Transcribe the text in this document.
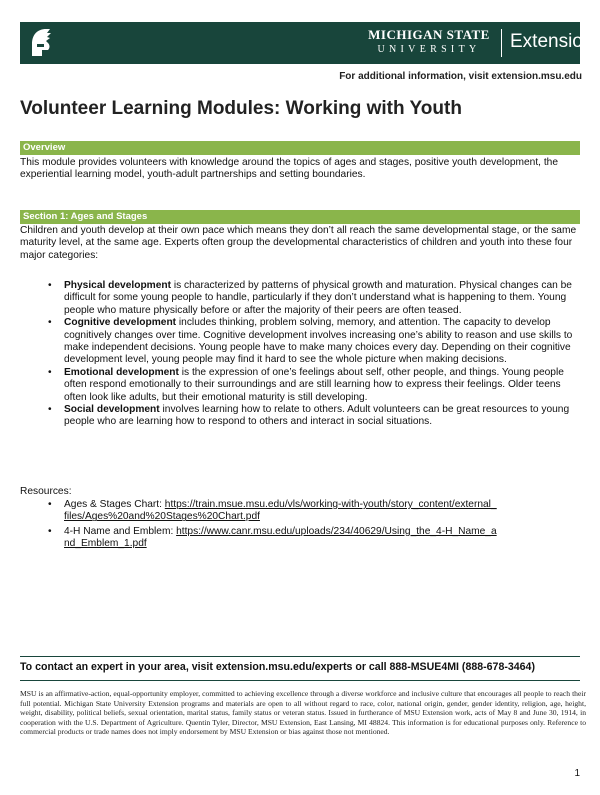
MICHIGAN STATE
UNIVERSITY	Extension
For additional information, visit extension.msu.edu
Volunteer Learning Modules: Working with Youth
Overview

This module provides volunteers with knowledge around the topics of ages and stages, positive youth development, the experiential learning model, youth-adult partnerships and setting boundaries.

Section 1: Ages and Stages

Children and youth develop at their own pace which means they don’t all reach the same developmental stage, or the same maturity level, at the same age. Experts often group the developmental characteristics of children and youth into these four major categories:

• Physical development is characterized by patterns of physical growth and maturation. Physical changes can be difficult for some young people to handle, particularly if they don’t understand what is happening to them. Young people who mature physically before or after the majority of their peers are often teased.
• Cognitive development includes thinking, problem solving, memory, and attention. The capacity to develop cognitively changes over time. Cognitive development involves increasing one’s ability to reason and use skills to make independent decisions. Young people have to make many choices every day. Depending on their cognitive development level, young people may find it hard to see the whole picture when making decisions.
• Emotional development is the expression of one’s feelings about self, other people, and things. Young people often respond emotionally to their surroundings and are still learning how to express their feelings. Older teens often look like adults, but their emotional maturity is still developing.
• Social development involves learning how to relate to others. Adult volunteers can be great resources to young people who are learning how to respond to others and interact in social situations.
Resources:
• Ages & Stages Chart: https://train.msue.msu.edu/vls/working-with-youth/story_content/external_files/Ages%20and%20Stages%20Chart.pdf
• 4-H Name and Emblem: https://www.canr.msu.edu/uploads/234/40629/Using_the_4-H_Name_and_Emblem_1.pdf
To contact an expert in your area, visit extension.msu.edu/experts or call 888-MSUE4MI (888-678-3464)

MSU is an affirmative-action, equal-opportunity employer, committed to achieving excellence through a diverse workforce and inclusive culture that encourages all people to reach their full potential. Michigan State University Extension programs and materials are open to all without regard to race, color, national origin, gender, gender identity, religion, age, height, weight, disability, political beliefs, sexual orientation, marital status, family status or veteran status. Issued in furtherance of MSU Extension work, acts of May 8 and June 30, 1914, in cooperation with the U.S. Department of Agriculture. Quentin Tyler, Director, MSU Extension, East Lansing, MI 48824. This information is for educational purposes only. Reference to commercial products or trade names does not imply endorsement by MSU Extension or bias against those not mentioned.

1
